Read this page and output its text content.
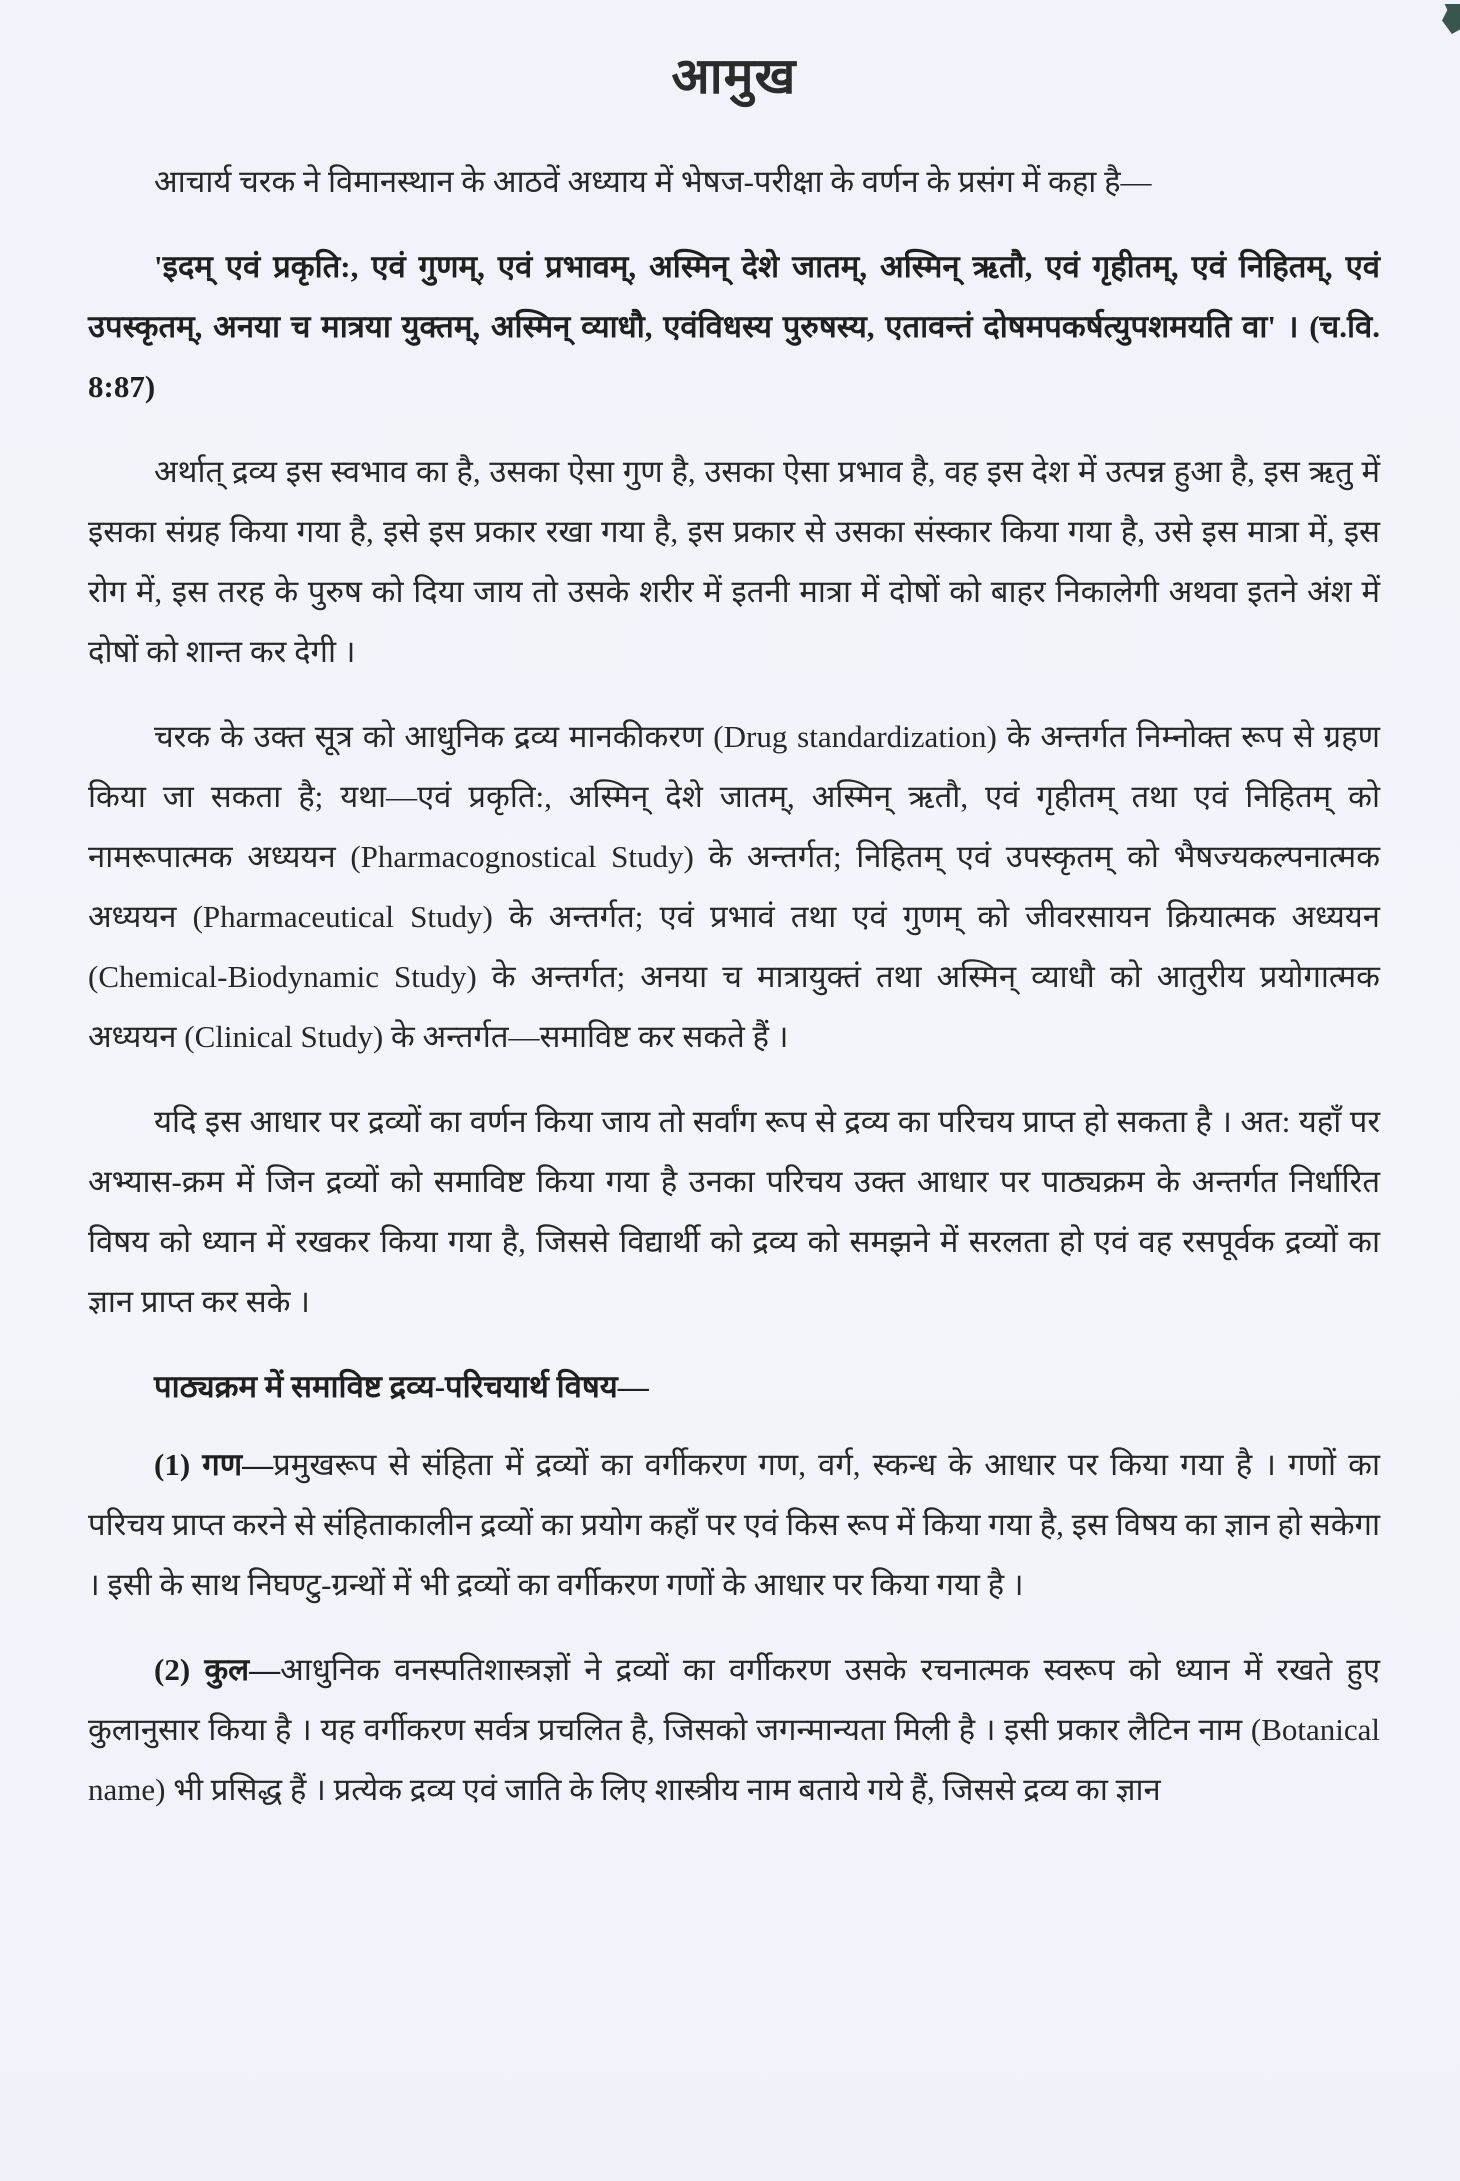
आमुख

आचार्य चरक ने विमानस्थान के आठवें अध्याय में भेषज-परीक्षा के वर्णन के प्रसंग में कहा है—

'इदम् एवं प्रकृति:, एवं गुणम्, एवं प्रभावम्, अस्मिन् देशे जातम्, अस्मिन् ऋतौ, एवं गृहीतम्, एवं निहितम्, एवं उपस्कृतम्, अनया च मात्रया युक्तम्, अस्मिन् व्याधौ, एवंविधस्य पुरुषस्य, एतावन्तं दोषमपकर्षत्युपशमयति वा' । (च.वि. 8:87)

अर्थात् द्रव्य इस स्वभाव का है, उसका ऐसा गुण है, उसका ऐसा प्रभाव है, वह इस देश में उत्पन्न हुआ है, इस ऋतु में इसका संग्रह किया गया है, इसे इस प्रकार रखा गया है, इस प्रकार से उसका संस्कार किया गया है, उसे इस मात्रा में, इस रोग में, इस तरह के पुरुष को दिया जाय तो उसके शरीर में इतनी मात्रा में दोषों को बाहर निकालेगी अथवा इतने अंश में दोषों को शान्त कर देगी ।

चरक के उक्त सूत्र को आधुनिक द्रव्य मानकीकरण (Drug standardization) के अन्तर्गत निम्नोक्त रूप से ग्रहण किया जा सकता है; यथा—एवं प्रकृति:, अस्मिन् देशे जातम्, अस्मिन् ऋतौ, एवं गृहीतम् तथा एवं निहितम् को नामरूपात्मक अध्ययन (Pharmacognostical Study) के अन्तर्गत; निहितम् एवं उपस्कृतम् को भैषज्यकल्पनात्मक अध्ययन (Pharmaceutical Study) के अन्तर्गत; एवं प्रभावं तथा एवं गुणम् को जीवरसायन क्रियात्मक अध्ययन (Chemical-Biodynamic Study) के अन्तर्गत; अनया च मात्रायुक्तं तथा अस्मिन् व्याधौ को आतुरीय प्रयोगात्मक अध्ययन (Clinical Study) के अन्तर्गत—समाविष्ट कर सकते हैं ।

यदि इस आधार पर द्रव्यों का वर्णन किया जाय तो सर्वांग रूप से द्रव्य का परिचय प्राप्त हो सकता है । अत: यहाँ पर अभ्यास-क्रम में जिन द्रव्यों को समाविष्ट किया गया है उनका परिचय उक्त आधार पर पाठ्यक्रम के अन्तर्गत निर्धारित विषय को ध्यान में रखकर किया गया है, जिससे विद्यार्थी को द्रव्य को समझने में सरलता हो एवं वह रसपूर्वक द्रव्यों का ज्ञान प्राप्त कर सके ।

पाठ्यक्रम में समाविष्ट द्रव्य-परिचयार्थ विषय—

(1) गण—प्रमुखरूप से संहिता में द्रव्यों का वर्गीकरण गण, वर्ग, स्कन्ध के आधार पर किया गया है । गणों का परिचय प्राप्त करने से संहिताकालीन द्रव्यों का प्रयोग कहाँ पर एवं किस रूप में किया गया है, इस विषय का ज्ञान हो सकेगा । इसी के साथ निघण्टु-ग्रन्थों में भी द्रव्यों का वर्गीकरण गणों के आधार पर किया गया है ।

(2) कुल—आधुनिक वनस्पतिशास्त्रज्ञों ने द्रव्यों का वर्गीकरण उसके रचनात्मक स्वरूप को ध्यान में रखते हुए कुलानुसार किया है । यह वर्गीकरण सर्वत्र प्रचलित है, जिसको जगन्मान्यता मिली है । इसी प्रकार लैटिन नाम (Botanical name) भी प्रसिद्ध हैं । प्रत्येक द्रव्य एवं जाति के लिए शास्त्रीय नाम बताये गये हैं, जिससे द्रव्य का ज्ञान
